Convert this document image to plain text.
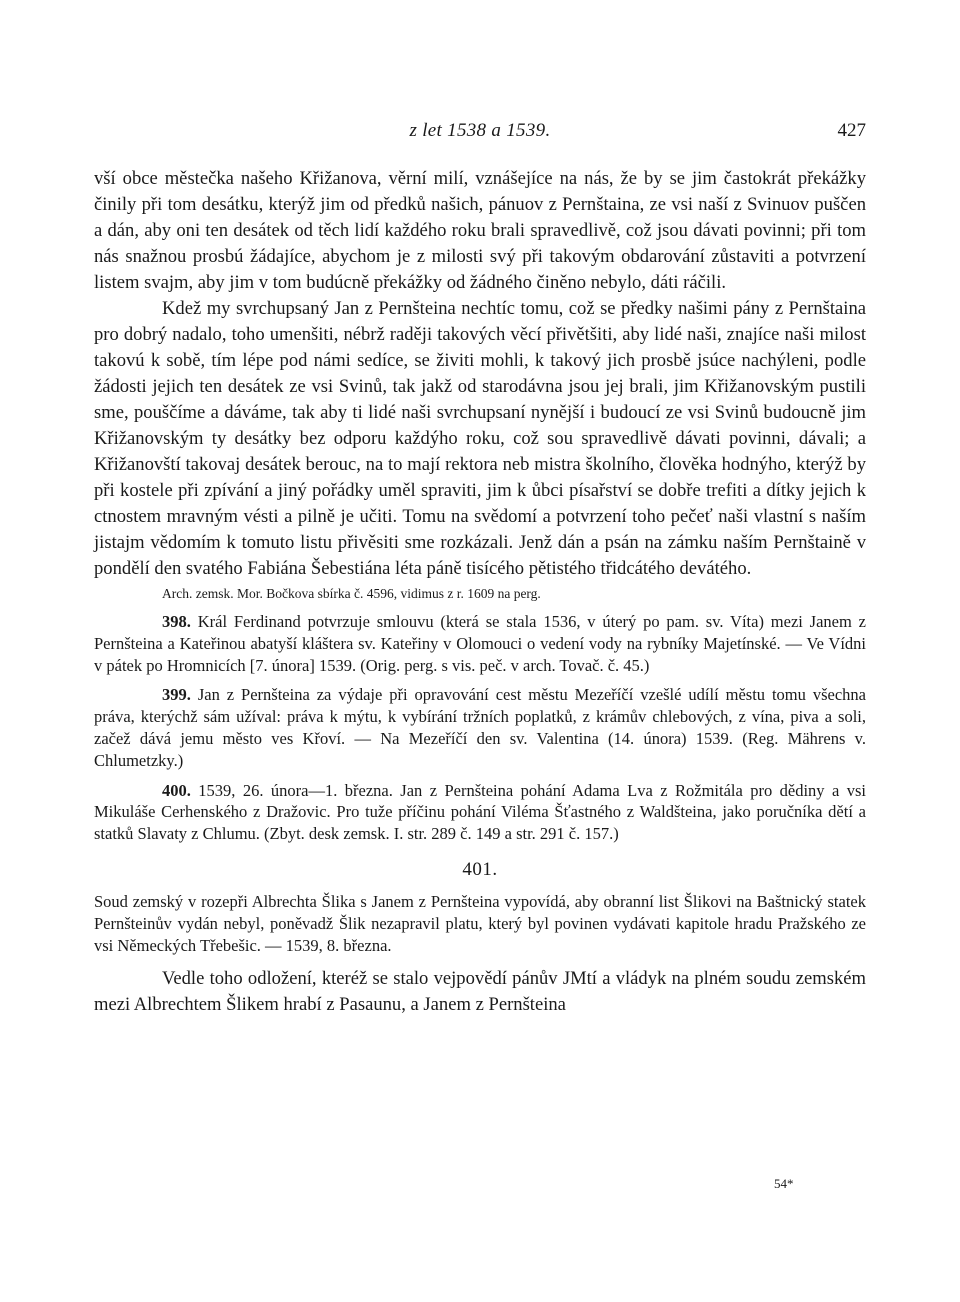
z let 1538 a 1539.	427

vší obce městečka našeho Křižanova, věrní milí, vznášejíce na nás, že by se jim častokrát překážky činily při tom desátku, kterýž jim od předků našich, pánuov z Pernštaina, ze vsi naší z Svinuov puščen a dán, aby oni ten desátek od těch lidí každého roku brali spravedlivě, což jsou dávati povinni; při tom nás snažnou prosbú žádajíce, abychom je z milosti svý při takovým obdarování zůstaviti a potvrzení listem svajm, aby jim v tom budúcně překážky od žádného činěno nebylo, dáti ráčili.

Kdež my svrchupsaný Jan z Pernšteina nechtíc tomu, což se předky našimi pány z Pernštaina pro dobrý nadalo, toho umenšiti, nébrž raději takových věcí přivětšiti, aby lidé naši, znajíce naši milost takovú k sobě, tím lépe pod námi sedíce, se živiti mohli, k takový jich prosbě jsúce nachýleni, podle žádosti jejich ten desátek ze vsi Svinů, tak jakž od starodávna jsou jej brali, jim Křižanovským pustili sme, pouščíme a dáváme, tak aby ti lidé naši svrchupsaní nynější i budoucí ze vsi Svinů budoucně jim Křižanovským ty desátky bez odporu každýho roku, což sou spravedlivě dávati povinni, dávali; a Křižanovští takovaj desátek berouc, na to mají rektora neb mistra školního, člověka hodnýho, kterýž by při kostele při zpívání a jiný pořádky uměl spraviti, jim k ůbci písařství se dobře trefiti a dítky jejich k ctnostem mravným vésti a pilně je učiti. Tomu na svědomí a potvrzení toho pečeť naši vlastní s naším jistajm vědomím k tomuto listu přivěsiti sme rozkázali. Jenž dán a psán na zámku naším Pernštaině v pondělí den svatého Fabiána Šebestiána léta páně tisícého pětistého třidcátého devátého.

Arch. zemsk. Mor. Bočkova sbírka č. 4596, vidimus z r. 1609 na perg.

398. Král Ferdinand potvrzuje smlouvu (která se stala 1536, v úterý po pam. sv. Víta) mezi Janem z Pernšteina a Kateřinou abatyší kláštera sv. Kateřiny v Olomouci o vedení vody na rybníky Majetínské. — Ve Vídni v pátek po Hromnicích [7. února] 1539. (Orig. perg. s vis. peč. v arch. Tovač. č. 45.)

399. Jan z Pernšteina za výdaje při opravování cest městu Mezeříčí vzešlé udílí městu tomu všechna práva, kterýchž sám užíval: práva k mýtu, k vybírání tržních poplatků, z krámův chlebových, z vína, piva a soli, začež dává jemu město ves Křoví. — Na Mezeříčí den sv. Valentina (14. února) 1539. (Reg. Mährens v. Chlumetzky.)

400. 1539, 26. února—1. března. Jan z Pernšteina pohání Adama Lva z Rožmitála pro dědiny a vsi Mikuláše Cerhenského z Dražovic. Pro tuže příčinu pohání Viléma Šťastného z Waldšteina, jako poručníka dětí a statků Slavaty z Chlumu. (Zbyt. desk zemsk. I. str. 289 č. 149 a str. 291 č. 157.)

401.

Soud zemský v rozepři Albrechta Šlika s Janem z Pernšteina vypovídá, aby obranní list Šlikovi na Baštnický statek Pernšteinův vydán nebyl, poněvadž Šlik nezapravil platu, který byl povinen vydávati kapitole hradu Pražského ze vsi Německých Třebešic. — 1539, 8. března.

Vedle toho odložení, kteréž se stalo vejpovědí pánův JMtí a vládyk na plném soudu zemském mezi Albrechtem Šlikem hrabí z Pasaunu, a Janem z Pernšteina

54*
